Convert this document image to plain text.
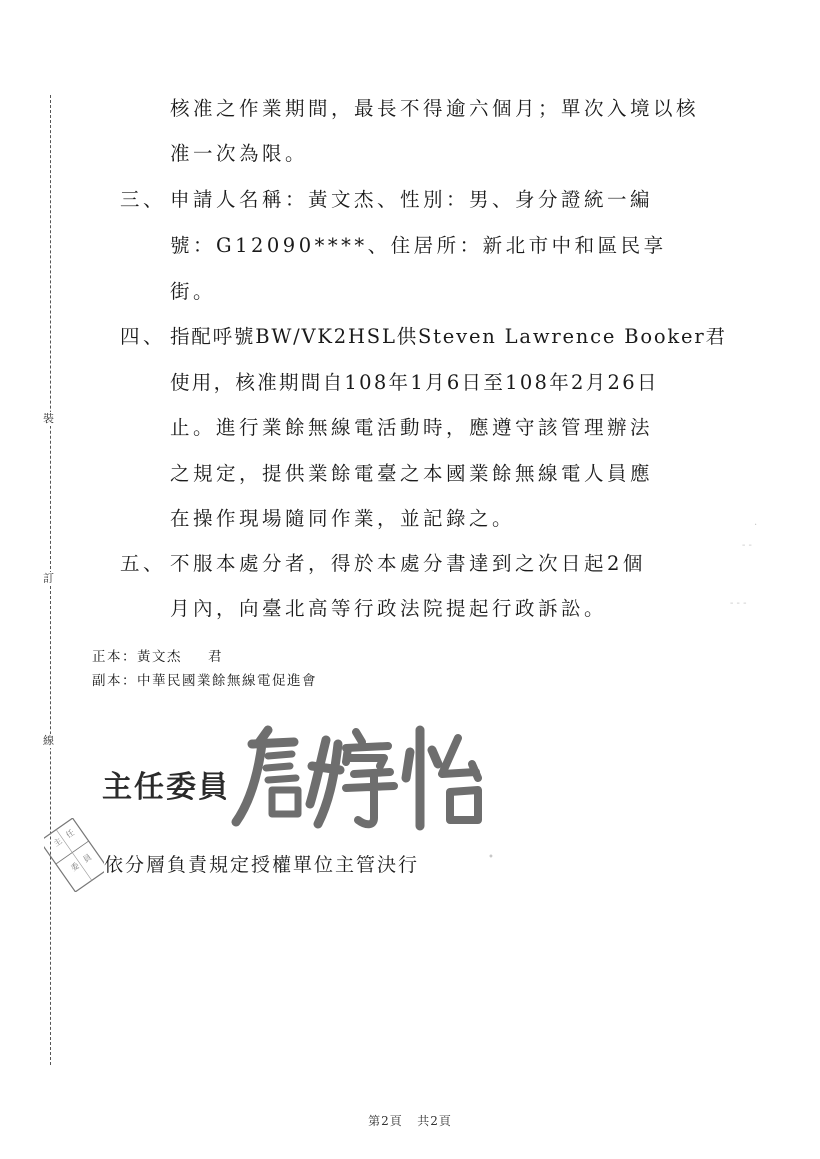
裝
訂
線
核准之作業期間，最長不得逾六個月；單次入境以核
准一次為限。
三、 申請人名稱：黃文杰、性別：男、身分證統一編
號：G12090****、住居所：新北市中和區民享
街。
四、 指配呼號BW/VK2HSL供Steven Lawrence Booker君
使用，核准期間自108年1月6日至108年2月26日
止。進行業餘無線電活動時，應遵守該管理辦法
之規定，提供業餘電臺之本國業餘無線電人員應
在操作現場隨同作業，並記錄之。
五、 不服本處分者，得於本處分書達到之次日起2個
月內，向臺北高等行政法院提起行政訴訟。
正本：黃文杰 君
副本：中華民國業餘無線電促進會
主任委員
主
任
委
員 依分層負責規定授權單位主管決行	•
- -
- - -
·
第2頁 共2頁
